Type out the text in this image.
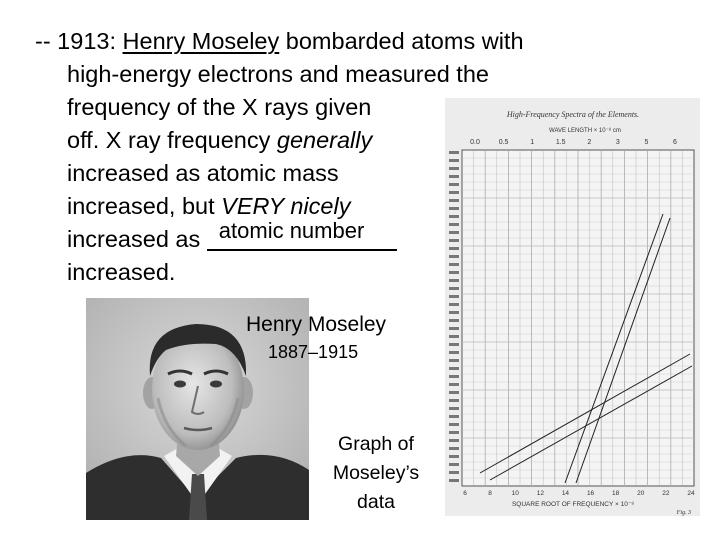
-- 1913: Henry Moseley bombarded atoms with
high-energy electrons and measured the
frequency of the X rays given
off. X ray frequency generally
increased as atomic mass
increased, but VERY nicely
increased as atomic number

increased.
High-Frequency Spectra of the Elements.
WAVE LENGTH × 10⁻⁸ cm
0.0	0.5	1	1.5	2	3	5	6
6	8	10	12	14	16	18	20	22	24
SQUARE ROOT OF FREQUENCY × 10⁻⁸
Fig. 3
Henry Moseley
1887–1915
Graph of
Moseley’s
data
